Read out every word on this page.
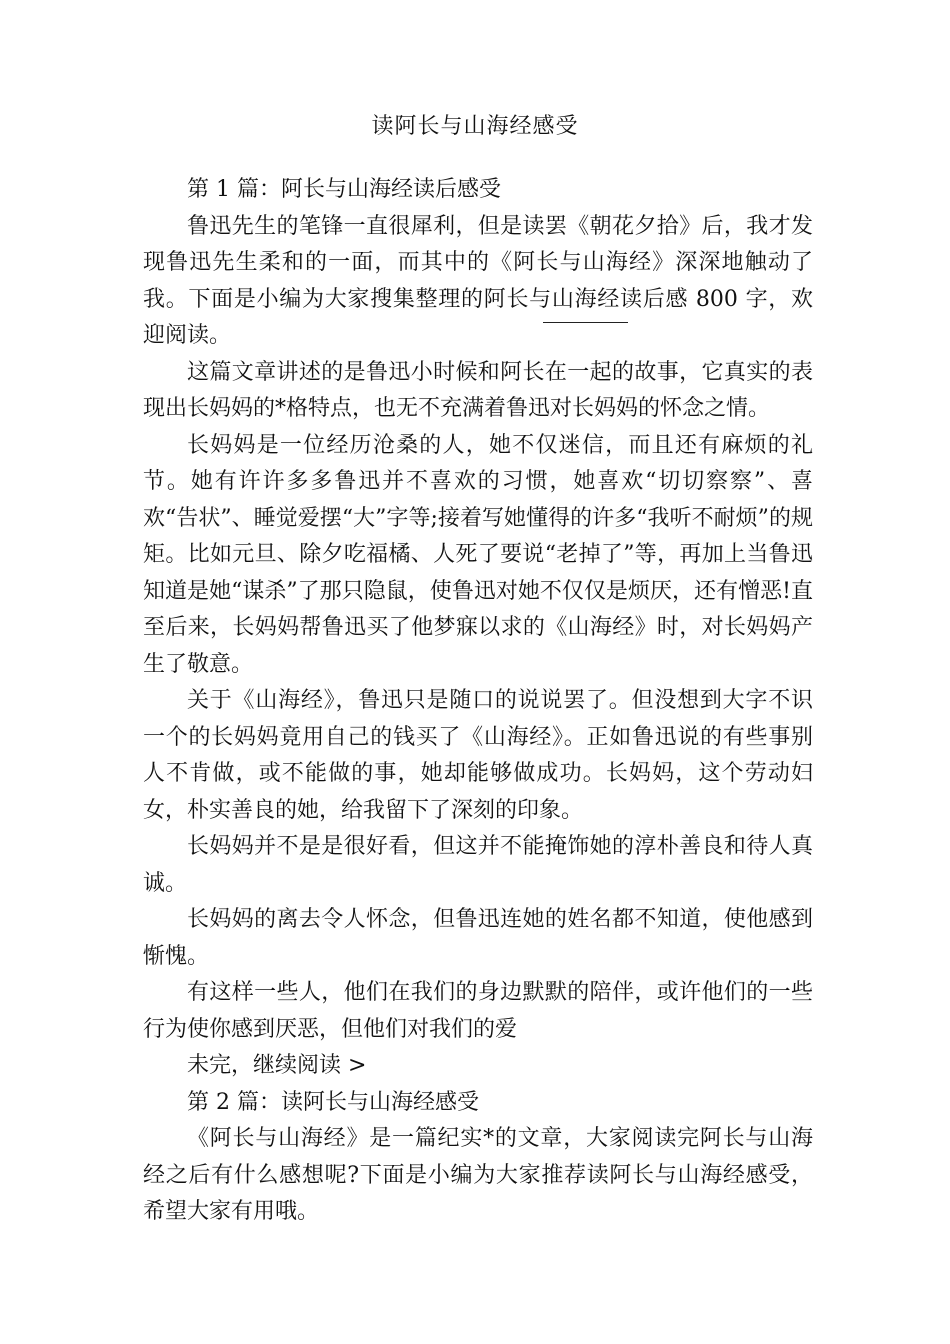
读阿长与山海经感受

第 1 篇：阿长与山海经读后感受

鲁迅先生的笔锋一直很犀利，但是读罢《朝花夕拾》后，我才发现鲁迅先生柔和的一面，而其中的《阿长与山海经》深深地触动了我。下面是小编为大家搜集整理的阿长与山海经读后感 800 字，欢迎阅读。

这篇文章讲述的是鲁迅小时候和阿长在一起的故事，它真实的表现出长妈妈的*格特点，也无不充满着鲁迅对长妈妈的怀念之情。

长妈妈是一位经历沧桑的人，她不仅迷信，而且还有麻烦的礼节。她有许许多多鲁迅并不喜欢的习惯，她喜欢“切切察察”、喜欢“告状”、睡觉爱摆“大”字等;接着写她懂得的许多“我听不耐烦”的规矩。比如元旦、除夕吃福橘、人死了要说“老掉了”等，再加上当鲁迅知道是她“谋杀”了那只隐鼠，使鲁迅对她不仅仅是烦厌，还有憎恶!直至后来，长妈妈帮鲁迅买了他梦寐以求的《山海经》时，对长妈妈产生了敬意。

关于《山海经》，鲁迅只是随口的说说罢了。但没想到大字不识一个的长妈妈竟用自己的钱买了《山海经》。正如鲁迅说的有些事别人不肯做，或不能做的事，她却能够做成功。长妈妈，这个劳动妇女，朴实善良的她，给我留下了深刻的印象。

长妈妈并不是是很好看，但这并不能掩饰她的淳朴善良和待人真诚。

长妈妈的离去令人怀念，但鲁迅连她的姓名都不知道，使他感到惭愧。

有这样一些人，他们在我们的身边默默的陪伴，或许他们的一些行为使你感到厌恶，但他们对我们的爱

未完，继续阅读 >

第 2 篇：读阿长与山海经感受

《阿长与山海经》是一篇纪实*的文章，大家阅读完阿长与山海经之后有什么感想呢?下面是小编为大家推荐读阿长与山海经感受，希望大家有用哦。
